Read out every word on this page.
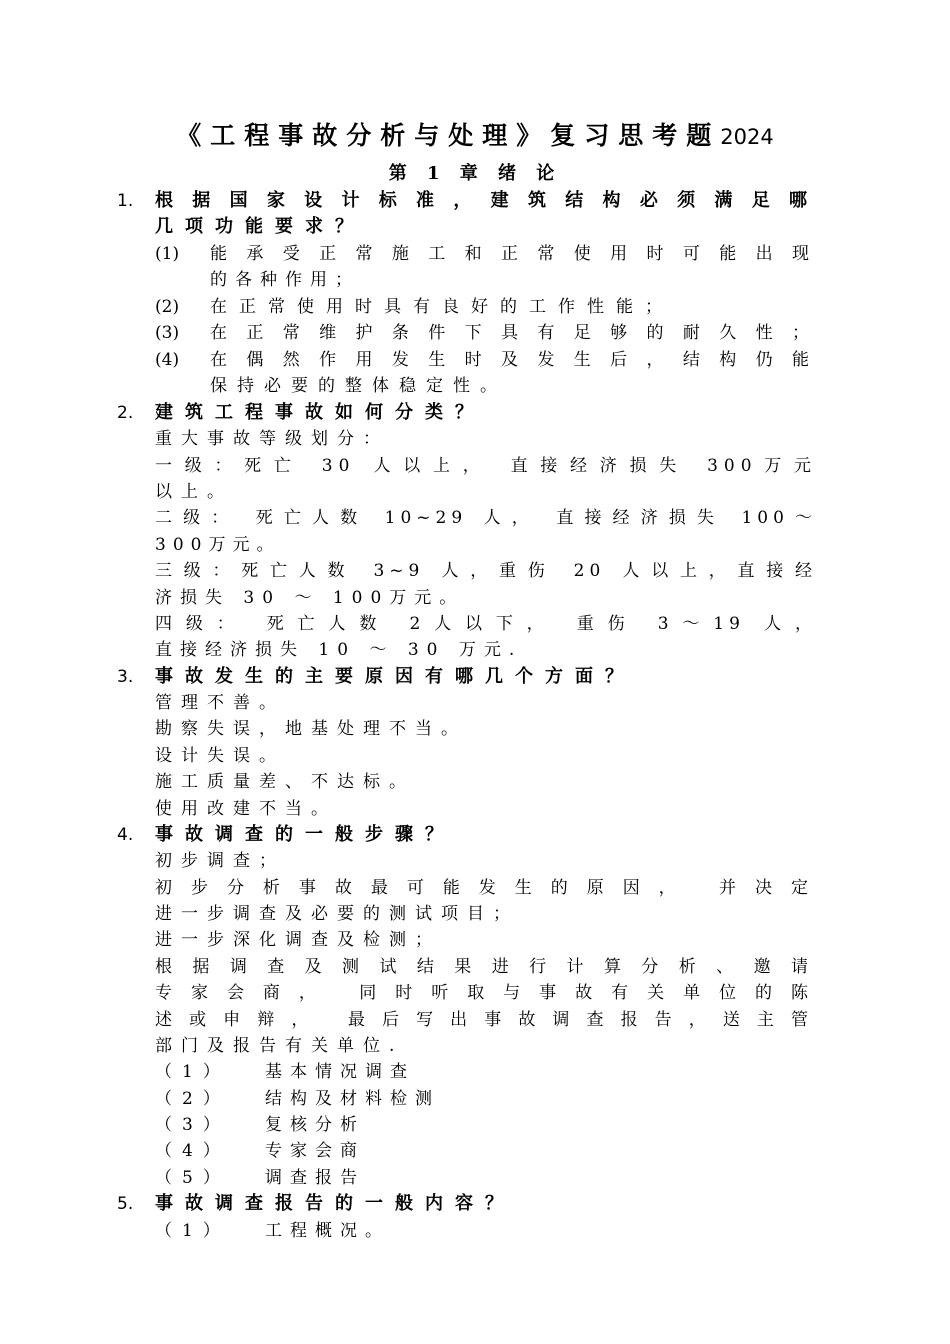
《工程事故分析与处理》复习思考题2024
第 1 章 绪 论
1. 根据国家设计标准，建筑结构必须满足哪
几项功能要求？
(1) 能承受正常施工和正常使用时可能出现
的各种作用；
(2) 在正常使用时具有良好的工作性能；
(3) 在正常维护条件下具有足够的耐久性；
(4) 在偶然作用发生时及发生后，结构仍能
保持必要的整体稳定性。
2. 建筑工程事故如何分类？
重大事故等级划分：
一级：死亡 30 人以上， 直接经济损失 300万元
以上。
二级： 死亡人数 10~29 人， 直接经济损失 100～
300万元。
三级：死亡人数 3~9 人，重伤 20 人以上，直接经
济损失 30 ～ 100万元。
四级： 死亡人数 2人以下， 重伤 3～19 人，
直接经济损失 10 ～ 30 万元.
3. 事故发生的主要原因有哪几个方面？
管理不善。
勘察失误，地基处理不当。
设计失误。
施工质量差、不达标。
使用改建不当。
4. 事故调查的一般步骤？
初步调查；
初步分析事故最可能发生的原因， 并决定
进一步调查及必要的测试项目；
进一步深化调查及检测；
根据调查及测试结果进行计算分析、邀请
专家会商， 同时听取与事故有关单位的陈
述或申辩， 最后写出事故调查报告，送主管
部门及报告有关单位.
（1） 基本情况调查
（2） 结构及材料检测
（3） 复核分析
（4） 专家会商
（5） 调查报告
5. 事故调查报告的一般内容？
（1） 工程概况。
